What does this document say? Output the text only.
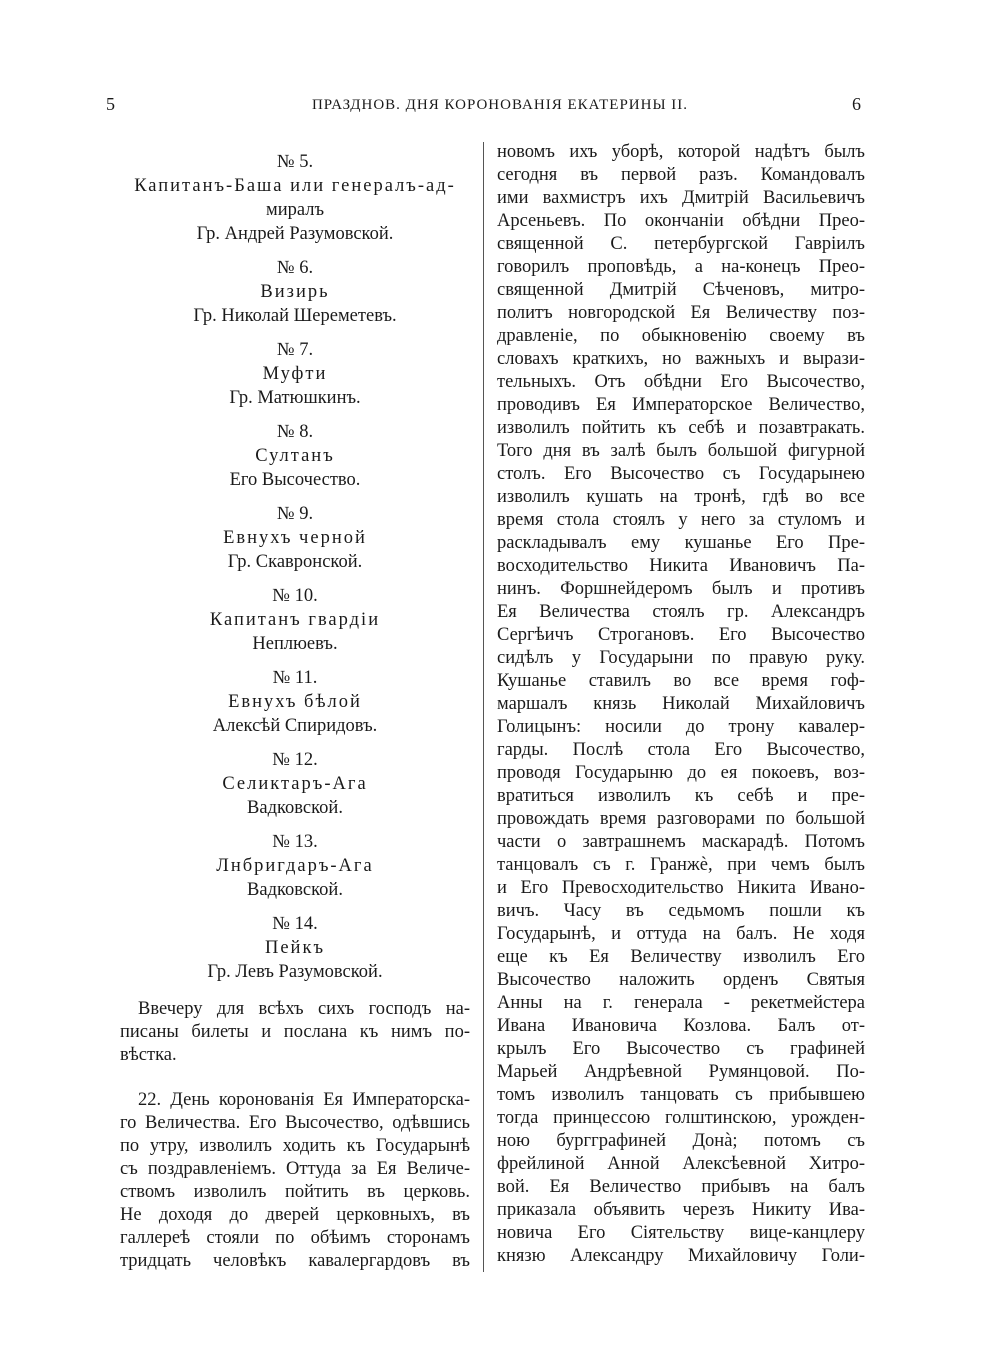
5	ПРАЗДНОВ. ДНЯ КОРОНОВАНІЯ ЕКАТЕРИНЫ II.	6
№ 5.
Капитанъ-Баша или генералъ-ад-
миралъ
Гр. Андрей Разумовской.
№ 6.
Визирь
Гр. Николай Шереметевъ.
№ 7.
Муфти
Гр. Матюшкинъ.
№ 8.
Султанъ
Его Высочество.
№ 9.
Евнухъ черной
Гр. Скавронской.
№ 10.
Капитанъ гвардіи
Неплюевъ.
№ 11.
Евнухъ бѣлой
Алексѣй Спиридовъ.
№ 12.
Селиктаръ-Ага
Вадковской.
№ 13.
Лнбригдаръ-Ага
Вадковской.
№ 14.
Пейкъ
Гр. Левъ Разумовской.
Ввечеру для всѣхъ сихъ господъ на-
писаны билеты и послана къ нимъ по-
вѣстка.
22. День коронованія Ея Императорска-
го Величества. Его Высочество, одѣвшись
по утру, изволилъ ходить къ Государынѣ
съ поздравленіемъ. Оттуда за Ея Величе-
ствомъ изволилъ пойтить въ церковь.
Не доходя до дверей церковныхъ, въ
галлереѣ стояли по обѣимъ сторонамъ
тридцать человѣкъ кавалергардовъ въ
новомъ ихъ уборѣ, которой надѣтъ былъ
сегодня въ первой разъ. Командовалъ
ими вахмистръ ихъ Дмитрій Васильевичъ
Арсеньевъ. По окончаніи обѣдни Прео-
священной С. петербургской Гавріилъ
говорилъ проповѣдь, а на-конецъ Прео-
священной Дмитрій Сѣченовъ, митро-
политъ новгородской Ея Величеству поз-
дравленіе, по обыкновенію своему въ
словахъ краткихъ, но важныхъ и вырази-
тельныхъ. Отъ обѣдни Его Высочество,
проводивъ Ея Императорское Величество,
изволилъ пойтить къ себѣ и позавтракать.
Того дня въ залѣ былъ большой фигурной
столъ. Его Высочество съ Государынею
изволилъ кушать на тронѣ, гдѣ во все
время стола стоялъ у него за стуломъ и
раскладывалъ ему кушанье Его Пре-
восходительство Никита Ивановичъ Па-
нинъ. Форшнейдеромъ былъ и противъ
Ея Величества стоялъ гр. Александръ
Сергѣичъ Строгановъ. Его Высочество
сидѣлъ у Государыни по правую руку.
Кушанье ставилъ во все время гоф-
маршалъ князь Николай Михайловичъ
Голицынъ: носили до трону кавалер-
гарды. Послѣ стола Его Высочество,
проводя Государыню до ея покоевъ, воз-
вратиться изволилъ къ себѣ и пре-
провождать время разговорами по большой
части о завтрашнемъ маскарадѣ. Потомъ
танцовалъ съ г. Гранжѐ, при чемъ былъ
и Его Превосходительство Никита Ивано-
вичъ. Часу въ седьмомъ пошли къ
Государынѣ, и оттуда на балъ. Не ходя
еще къ Ея Величеству изволилъ Его
Высочество наложить орденъ Святыя
Анны на г. генерала - рекетмейстера
Ивана Ивановича Козлова. Балъ от-
крылъ Его Высочество съ графиней
Марьей Андрѣевной Румянцовой. По-
томъ изволилъ танцовать съ прибывшею
тогда принцессою голштинскою, урожден-
ною бургграфиней Донà; потомъ съ
фрейлиной Анной Алексѣевной Хитро-
вой. Ея Величество прибывъ на балъ
приказала объявить черезъ Никиту Ива-
новича Его Сіятельству вице-канцлеру
князю Александру Михайловичу Голи-
